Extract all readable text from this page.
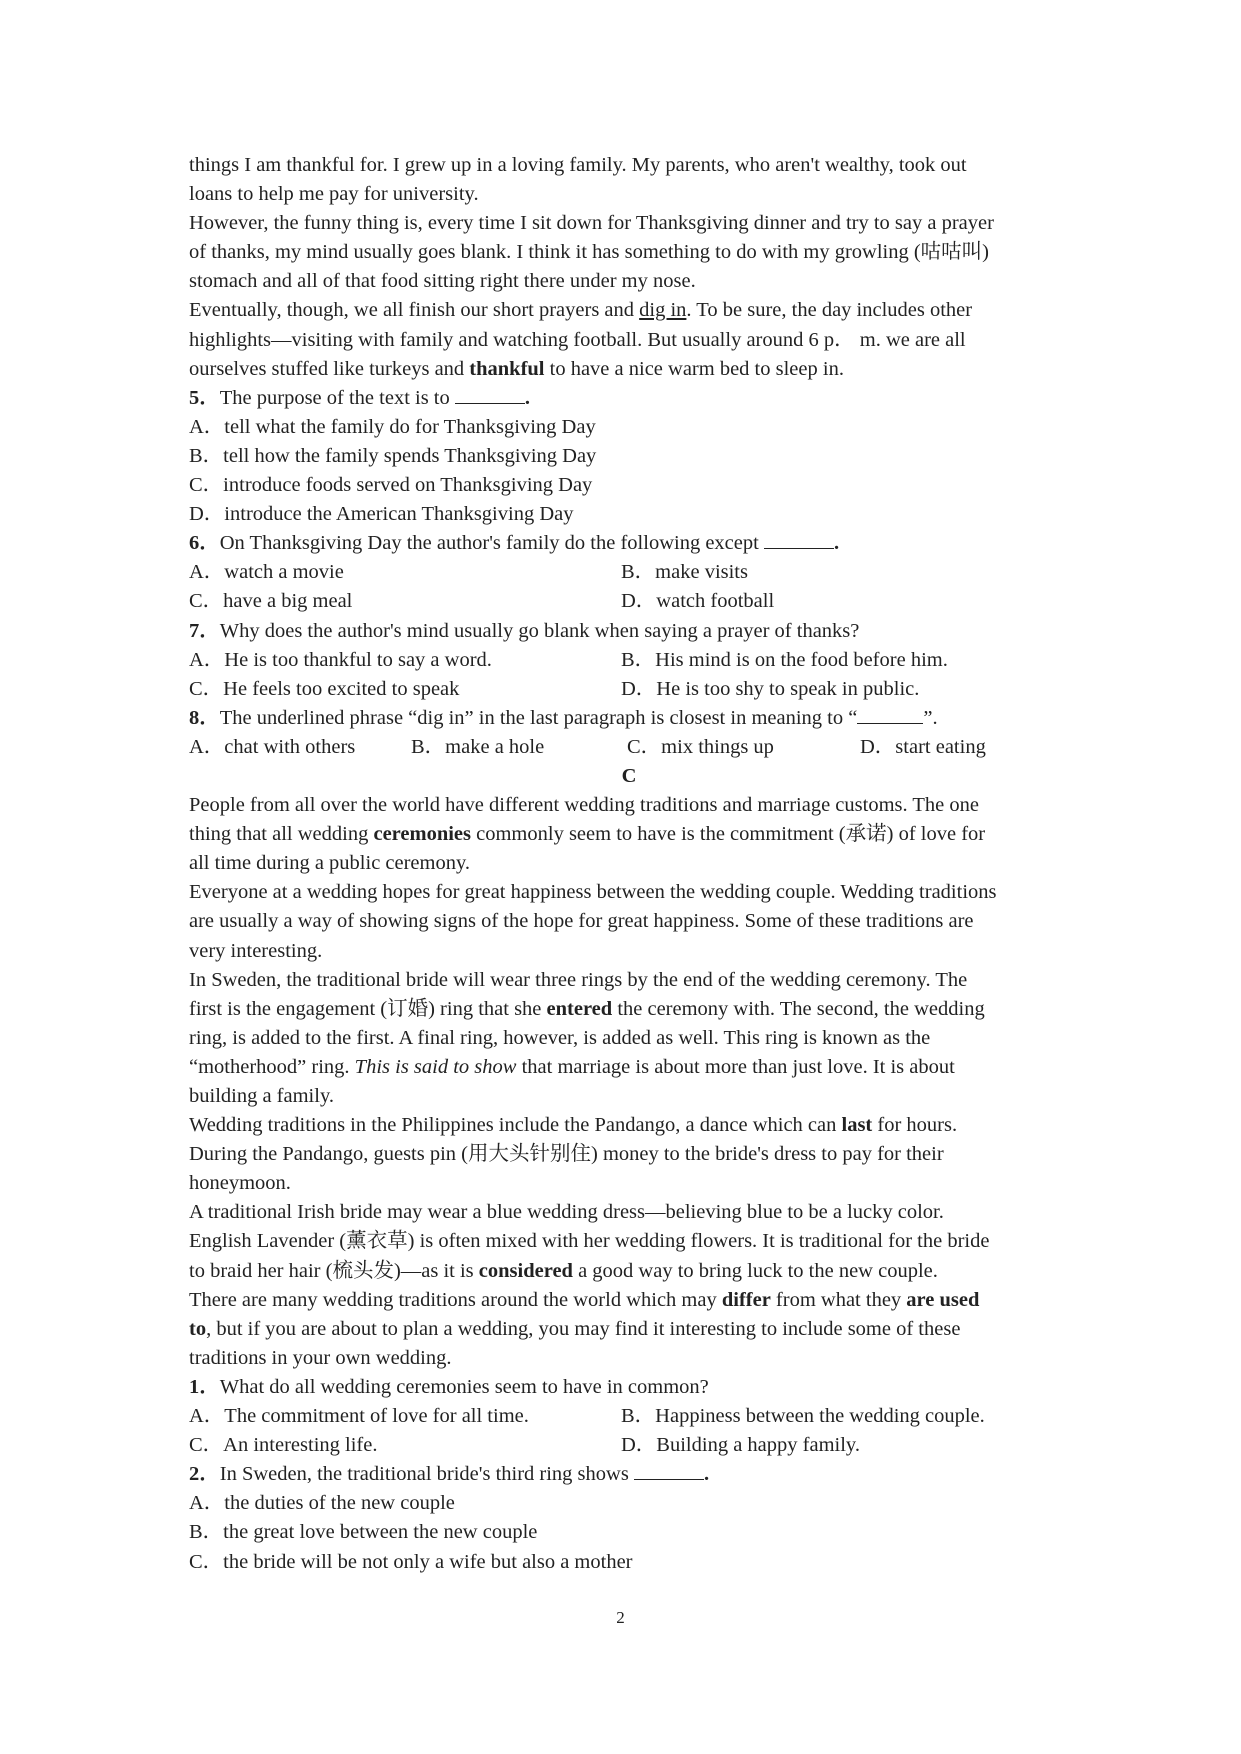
things I am thankful for. I grew up in a loving family. My parents, who aren't wealthy, took out
loans to help me pay for university.
However, the funny thing is, every time I sit down for Thanksgiving dinner and try to say a prayer
of thanks, my mind usually goes blank. I think it has something to do with my growling (咕咕叫)
stomach and all of that food sitting right there under my nose.
Eventually, though, we all finish our short prayers and dig in. To be sure, the day includes other
highlights—visiting with family and watching football. But usually around 6 p． m. we are all
ourselves stuffed like turkeys and thankful to have a nice warm bed to sleep in.
5．The purpose of the text is to	.
A．tell what the family do for Thanksgiving Day
B．tell how the family spends Thanksgiving Day
C．introduce foods served on Thanksgiving Day
D．introduce the American Thanksgiving Day
6．On Thanksgiving Day the author's family do the following except	.
A．watch a movie	B．make visits
C．have a big meal	D．watch football
7．Why does the author's mind usually go blank when saying a prayer of thanks?
A．He is too thankful to say a word.	B．His mind is on the food before him.
C．He feels too excited to speak	D．He is too shy to speak in public.
8．The underlined phrase “dig in” in the last paragraph is closest in meaning to “	”.
A．chat with others	B．make a hole	C．mix things up	D．start eating
C
People from all over the world have different wedding traditions and marriage customs. The one
thing that all wedding ceremonies commonly seem to have is the commitment (承诺) of love for
all time during a public ceremony.
Everyone at a wedding hopes for great happiness between the wedding couple. Wedding traditions
are usually a way of showing signs of the hope for great happiness. Some of these traditions are
very interesting.
In Sweden, the traditional bride will wear three rings by the end of the wedding ceremony. The
first is the engagement (订婚) ring that she entered the ceremony with. The second, the wedding
ring, is added to the first. A final ring, however, is added as well. This ring is known as the
“motherhood” ring. This is said to show that marriage is about more than just love. It is about
building a family.
Wedding traditions in the Philippines include the Pandango, a dance which can last for hours.
During the Pandango, guests pin (用大头针别住) money to the bride's dress to pay for their
honeymoon.
A traditional Irish bride may wear a blue wedding dress—believing blue to be a lucky color.
English Lavender (薰衣草) is often mixed with her wedding flowers. It is traditional for the bride
to braid her hair (梳头发)—as it is considered a good way to bring luck to the new couple.
There are many wedding traditions around the world which may differ from what they are used
to, but if you are about to plan a wedding, you may find it interesting to include some of these
traditions in your own wedding.
1．What do all wedding ceremonies seem to have in common?
A．The commitment of love for all time.	B．Happiness between the wedding couple.
C．An interesting life.	D．Building a happy family.
2．In Sweden, the traditional bride's third ring shows	.
A．the duties of the new couple
B．the great love between the new couple
C．the bride will be not only a wife but also a mother
2
